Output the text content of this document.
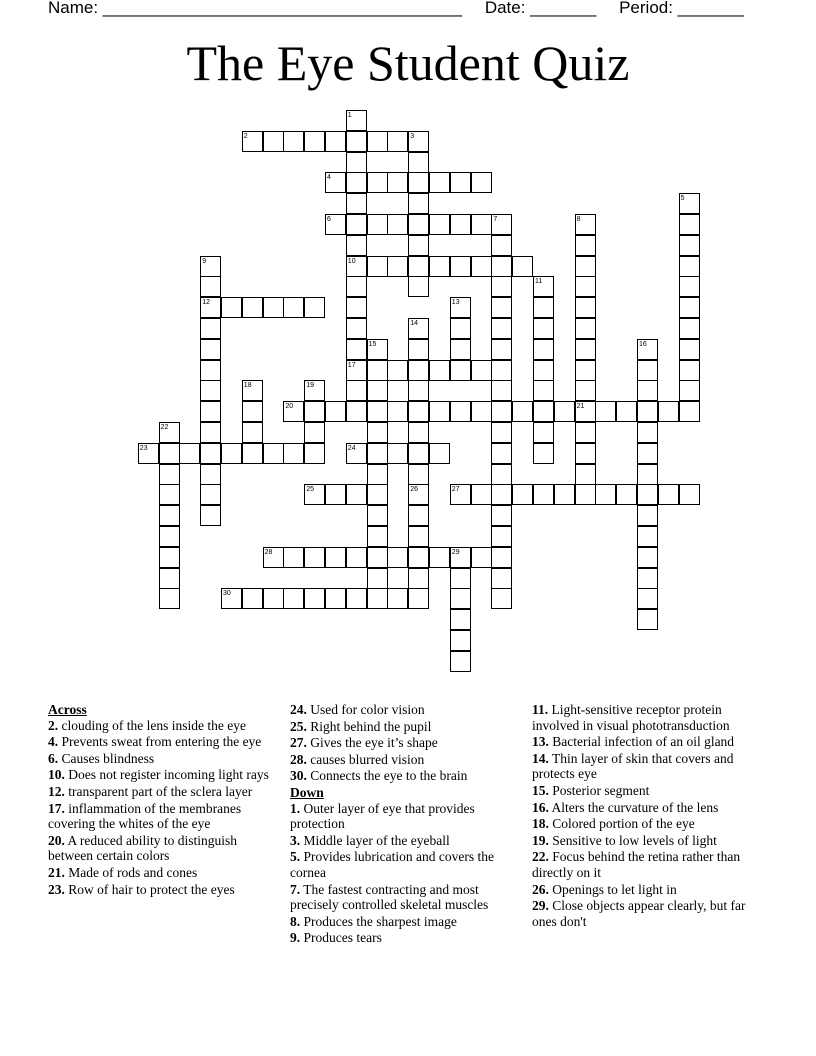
Name: ______________________________________ Date: _______ Period: _______
The Eye Student Quiz
1
2	3
4
5
6	7	8
9	10
11
12	13
14
15	16
17
18	19
20	21
22
23	24
25	26	27
28	29
30
Across
2. clouding of the lens inside the eye
4. Prevents sweat from entering the eye
6. Causes blindness
10. Does not register incoming light rays
12. transparent part of the sclera layer
17. inflammation of the membranes covering the whites of the eye
20. A reduced ability to distinguish between certain colors
21. Made of rods and cones
23. Row of hair to protect the eyes
24. Used for color vision
25. Right behind the pupil
27. Gives the eye it’s shape
28. causes blurred vision
30. Connects the eye to the brain
Down
1. Outer layer of eye that provides protection
3. Middle layer of the eyeball
5. Provides lubrication and covers the cornea
7. The fastest contracting and most precisely controlled skeletal muscles
8. Produces the sharpest image
9. Produces tears
11. Light-sensitive receptor protein involved in visual phototransduction
13. Bacterial infection of an oil gland
14. Thin layer of skin that covers and protects eye
15. Posterior segment
16. Alters the curvature of the lens
18. Colored portion of the eye
19. Sensitive to low levels of light
22. Focus behind the retina rather than directly on it
26. Openings to let light in
29. Close objects appear clearly, but far ones don't
